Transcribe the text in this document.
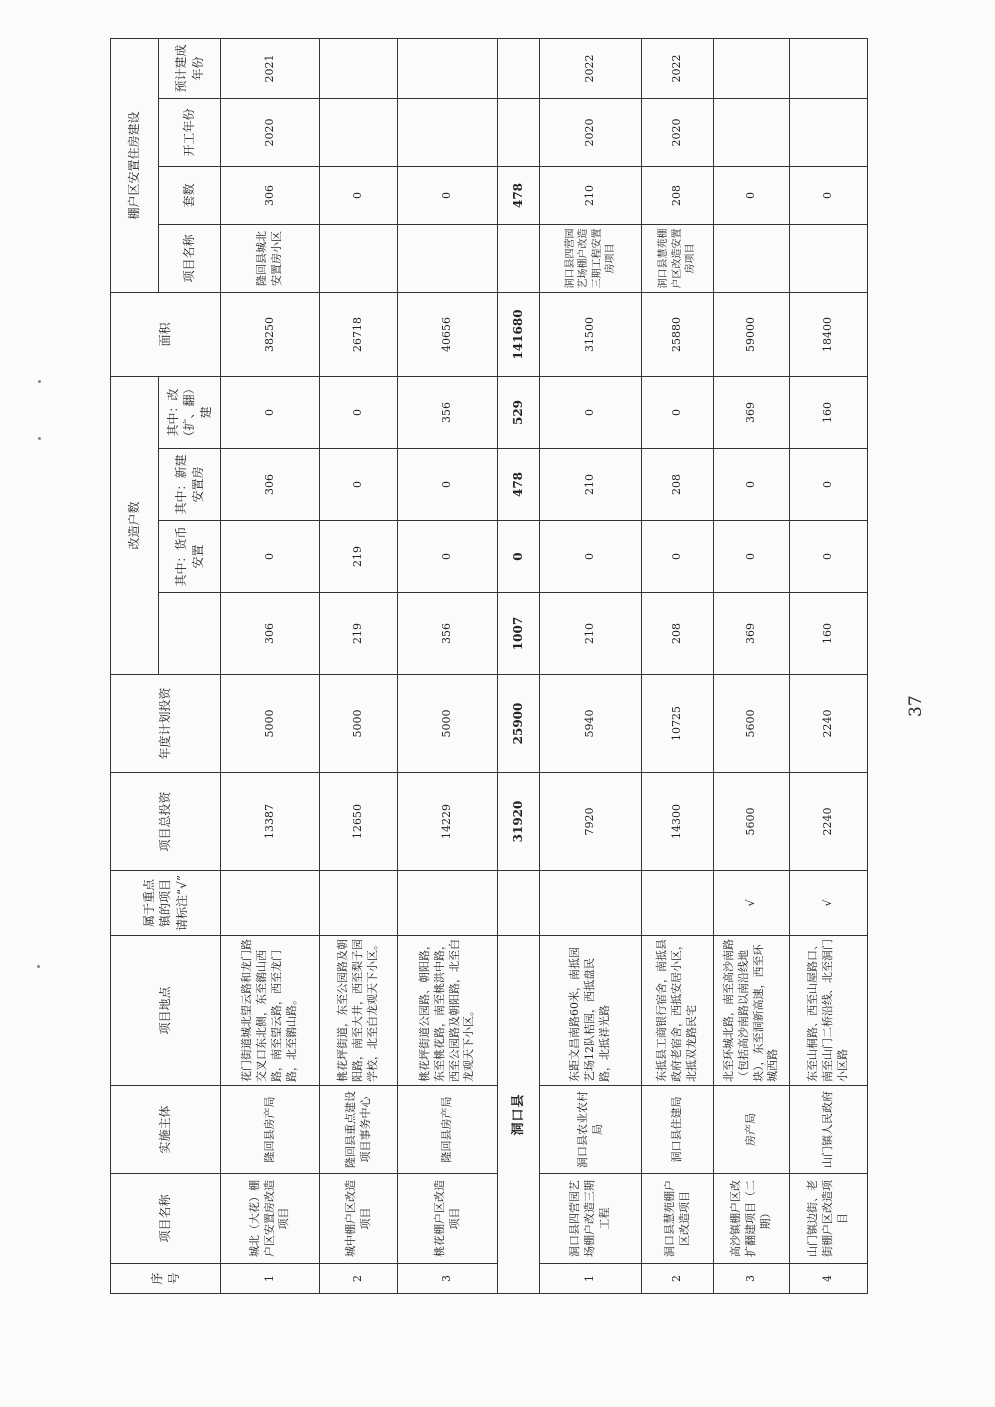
序号	项目名称	实施主体	项目地点	属于重点镇的项目请标注“√”	项目总投资	年度计划投资	改造户数				面积	棚户区安置住房建设			
								其中：货币安置	其中：新建安置房	其中：改（扩、翻）建		项目名称	套数	开工年份	预计建成年份
1	城北（大花）棚户区安置房改造项目	隆回县房产局	花门街道城北望云路和龙门路交叉口东北侧，东至鹟山西路，南至望云路，西至龙门路，北至鹟山路。		13387	5000	306	0	306	0	38250	隆回县城北安置房小区	306	2020	2021
2	城中棚户区改造项目	隆回县重点建设项目事务中心	桃花坪街道，东至公园路及朝阳路，南至大井，西至梨子园学校，北至白龙观天下小区。		12650	5000	219	219	0	0	26718		0		
3	桃花棚户区改造项目	隆回县房产局	桃花坪街道公园路、朝阳路，东至桃花路，南至桃洪中路，西至公园路及朝阳路，北至白龙观天下小区。		14229	5000	356	0	0	356	40656		0		
洞口县					31920	25900	1007	0	478	529	141680		478		
1	洞口县四营园艺场棚户改造三期工程	洞口县农业农村局	东距文昌南路60米，南抵园艺场12队桔园，西抵盘民路，北抵祥光路		7920	5940	210	0	210	0	31500	洞口县四营园艺场棚户改造三期工程安置房项目	210	2020	2022
2	洞口县慧苑棚户区改造项目	洞口县住建局	东抵县工商银行宿舍，南抵县政府老宿舍，西抵安居小区，北抵双龙路民宅		14300	10725	208	0	208	0	25880	洞口县慧苑棚户区改造安置房项目	208	2020	2022
3	高沙镇棚户区改扩翻建项目（二期）	房产局	北至环城北路，南至高沙南路（包括高沙南路以南沿线地块），东至洞新高速，西至环城西路	√	5600	5600	369	0	0	369	59000		0		
4	山门镇边街、老街棚户区改造项目	山门镇人民政府	东至山桐路、西至山屋路口、南至山门二桥沿线、北至洞门小区路	√	2240	2240	160	0	0	160	18400		0		
37
